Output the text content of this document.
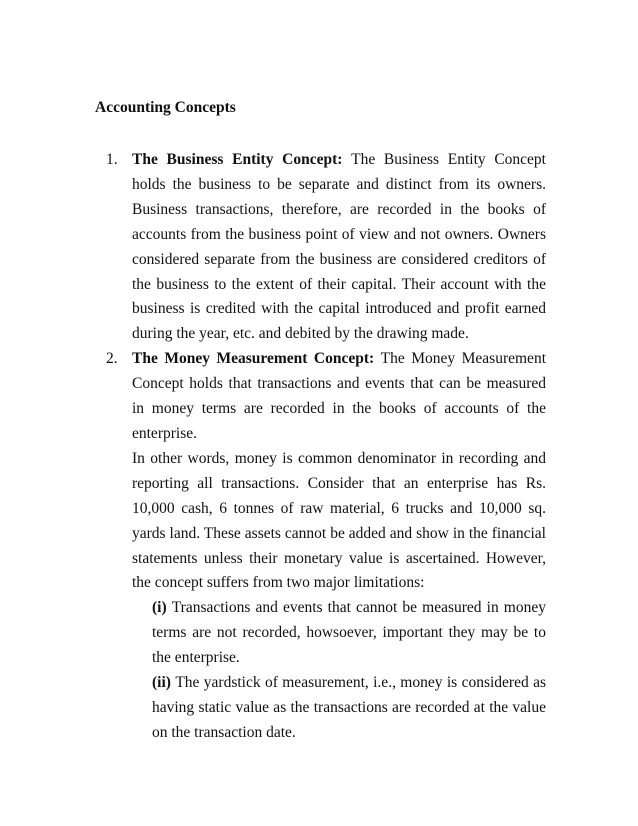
Accounting Concepts
1. The Business Entity Concept: The Business Entity Concept holds the business to be separate and distinct from its owners. Business transactions, therefore, are recorded in the books of accounts from the business point of view and not owners. Owners considered separate from the business are considered creditors of the business to the extent of their capital. Their account with the business is credited with the capital introduced and profit earned during the year, etc. and debited by the drawing made.
2. The Money Measurement Concept: The Money Measurement Concept holds that transactions and events that can be measured in money terms are recorded in the books of accounts of the enterprise.
In other words, money is common denominator in recording and reporting all transactions. Consider that an enterprise has Rs. 10,000 cash, 6 tonnes of raw material, 6 trucks and 10,000 sq. yards land. These assets cannot be added and show in the financial statements unless their monetary value is ascertained. However, the concept suffers from two major limitations:
(i) Transactions and events that cannot be measured in money terms are not recorded, howsoever, important they may be to the enterprise.
(ii) The yardstick of measurement, i.e., money is considered as having static value as the transactions are recorded at the value on the transaction date.
